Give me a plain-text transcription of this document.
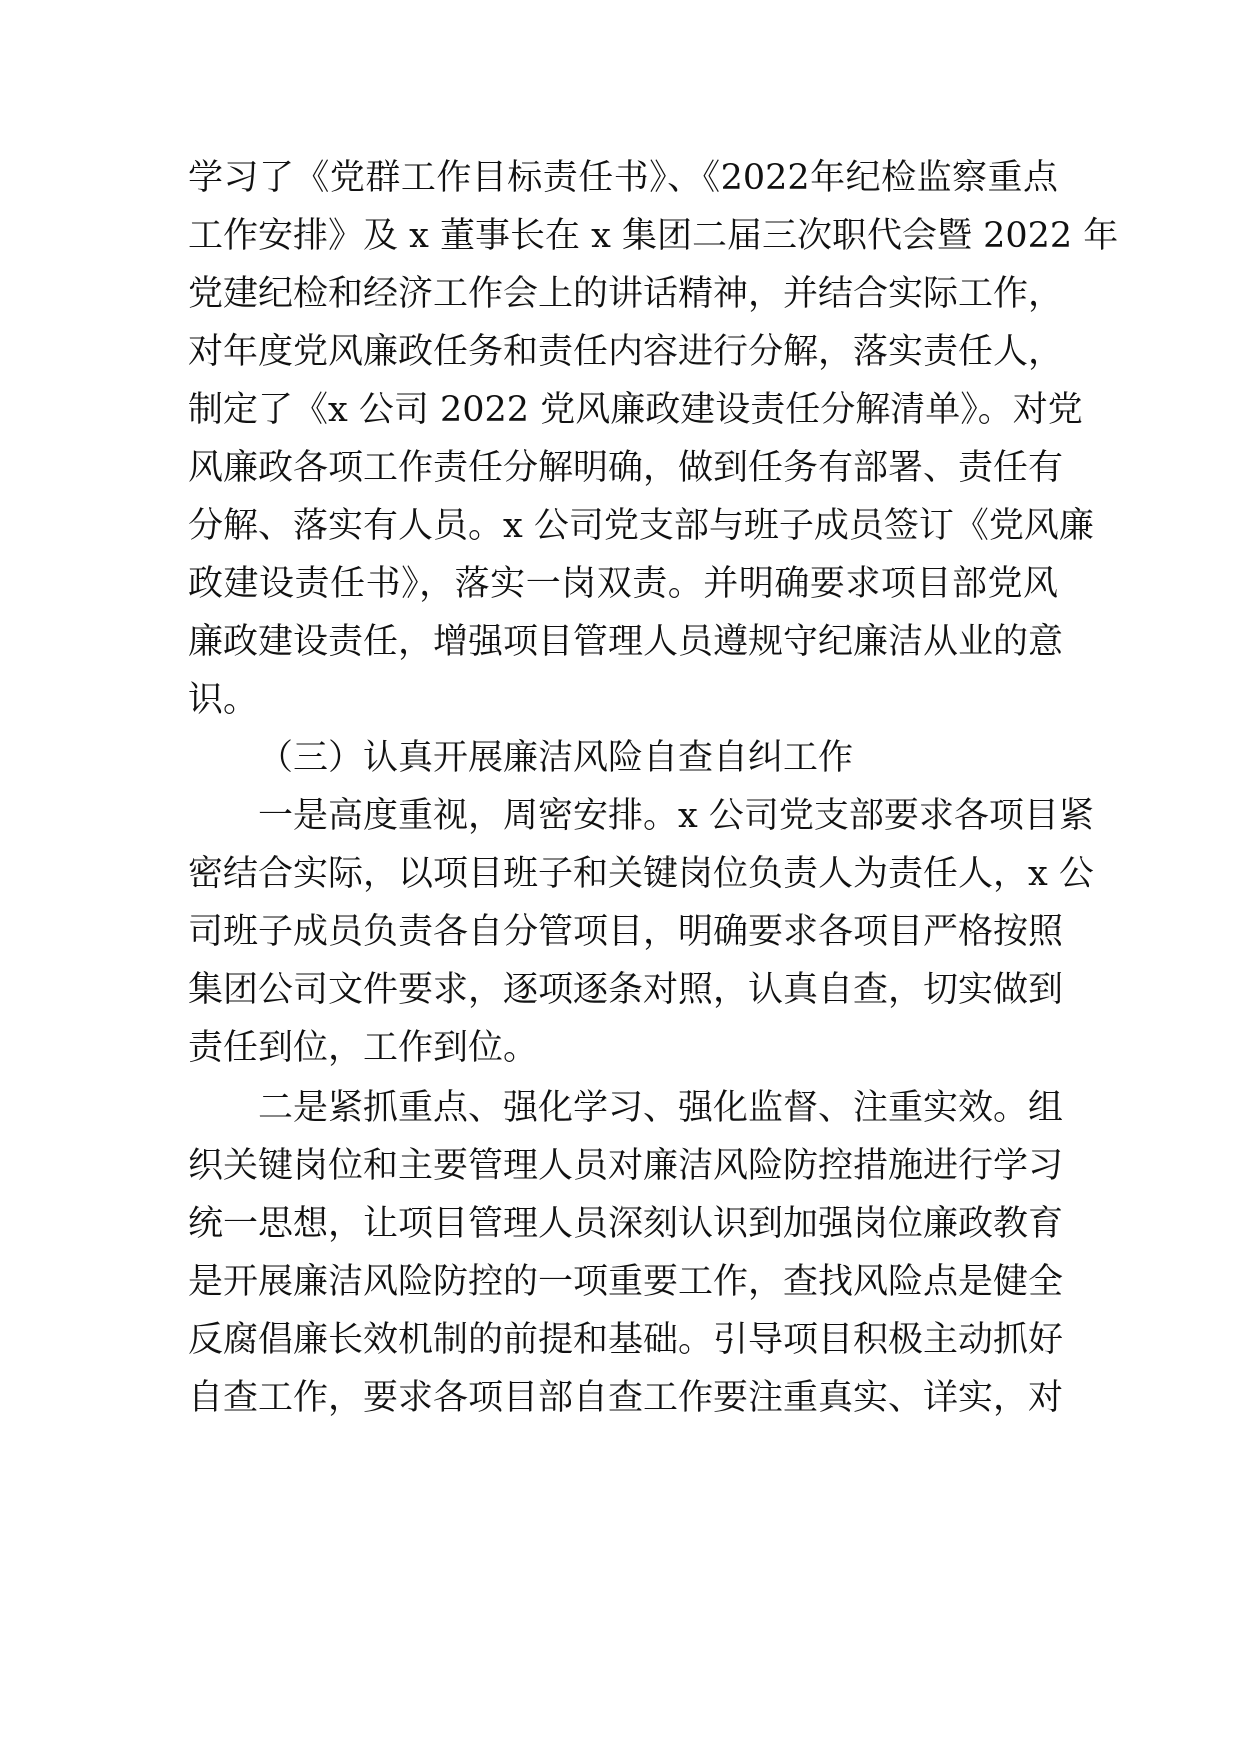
学习了《党群工作目标责任书》、《2022年纪检监察重点
工作安排》及 x 董事长在 x 集团二届三次职代会暨 2022 年
党建纪检和经济工作会上的讲话精神，并结合实际工作，
对年度党风廉政任务和责任内容进行分解，落实责任人，
制定了《x 公司 2022 党风廉政建设责任分解清单》。对党
风廉政各项工作责任分解明确，做到任务有部署、责任有
分解、落实有人员。x 公司党支部与班子成员签订《党风廉
政建设责任书》，落实一岗双责。并明确要求项目部党风
廉政建设责任，增强项目管理人员遵规守纪廉洁从业的意
识。
（三）认真开展廉洁风险自查自纠工作
一是高度重视，周密安排。x 公司党支部要求各项目紧
密结合实际，以项目班子和关键岗位负责人为责任人，x 公
司班子成员负责各自分管项目，明确要求各项目严格按照
集团公司文件要求，逐项逐条对照，认真自查，切实做到
责任到位，工作到位。
二是紧抓重点、强化学习、强化监督、注重实效。组
织关键岗位和主要管理人员对廉洁风险防控措施进行学习
统一思想，让项目管理人员深刻认识到加强岗位廉政教育
是开展廉洁风险防控的一项重要工作，查找风险点是健全
反腐倡廉长效机制的前提和基础。引导项目积极主动抓好
自查工作，要求各项目部自查工作要注重真实、详实，对
